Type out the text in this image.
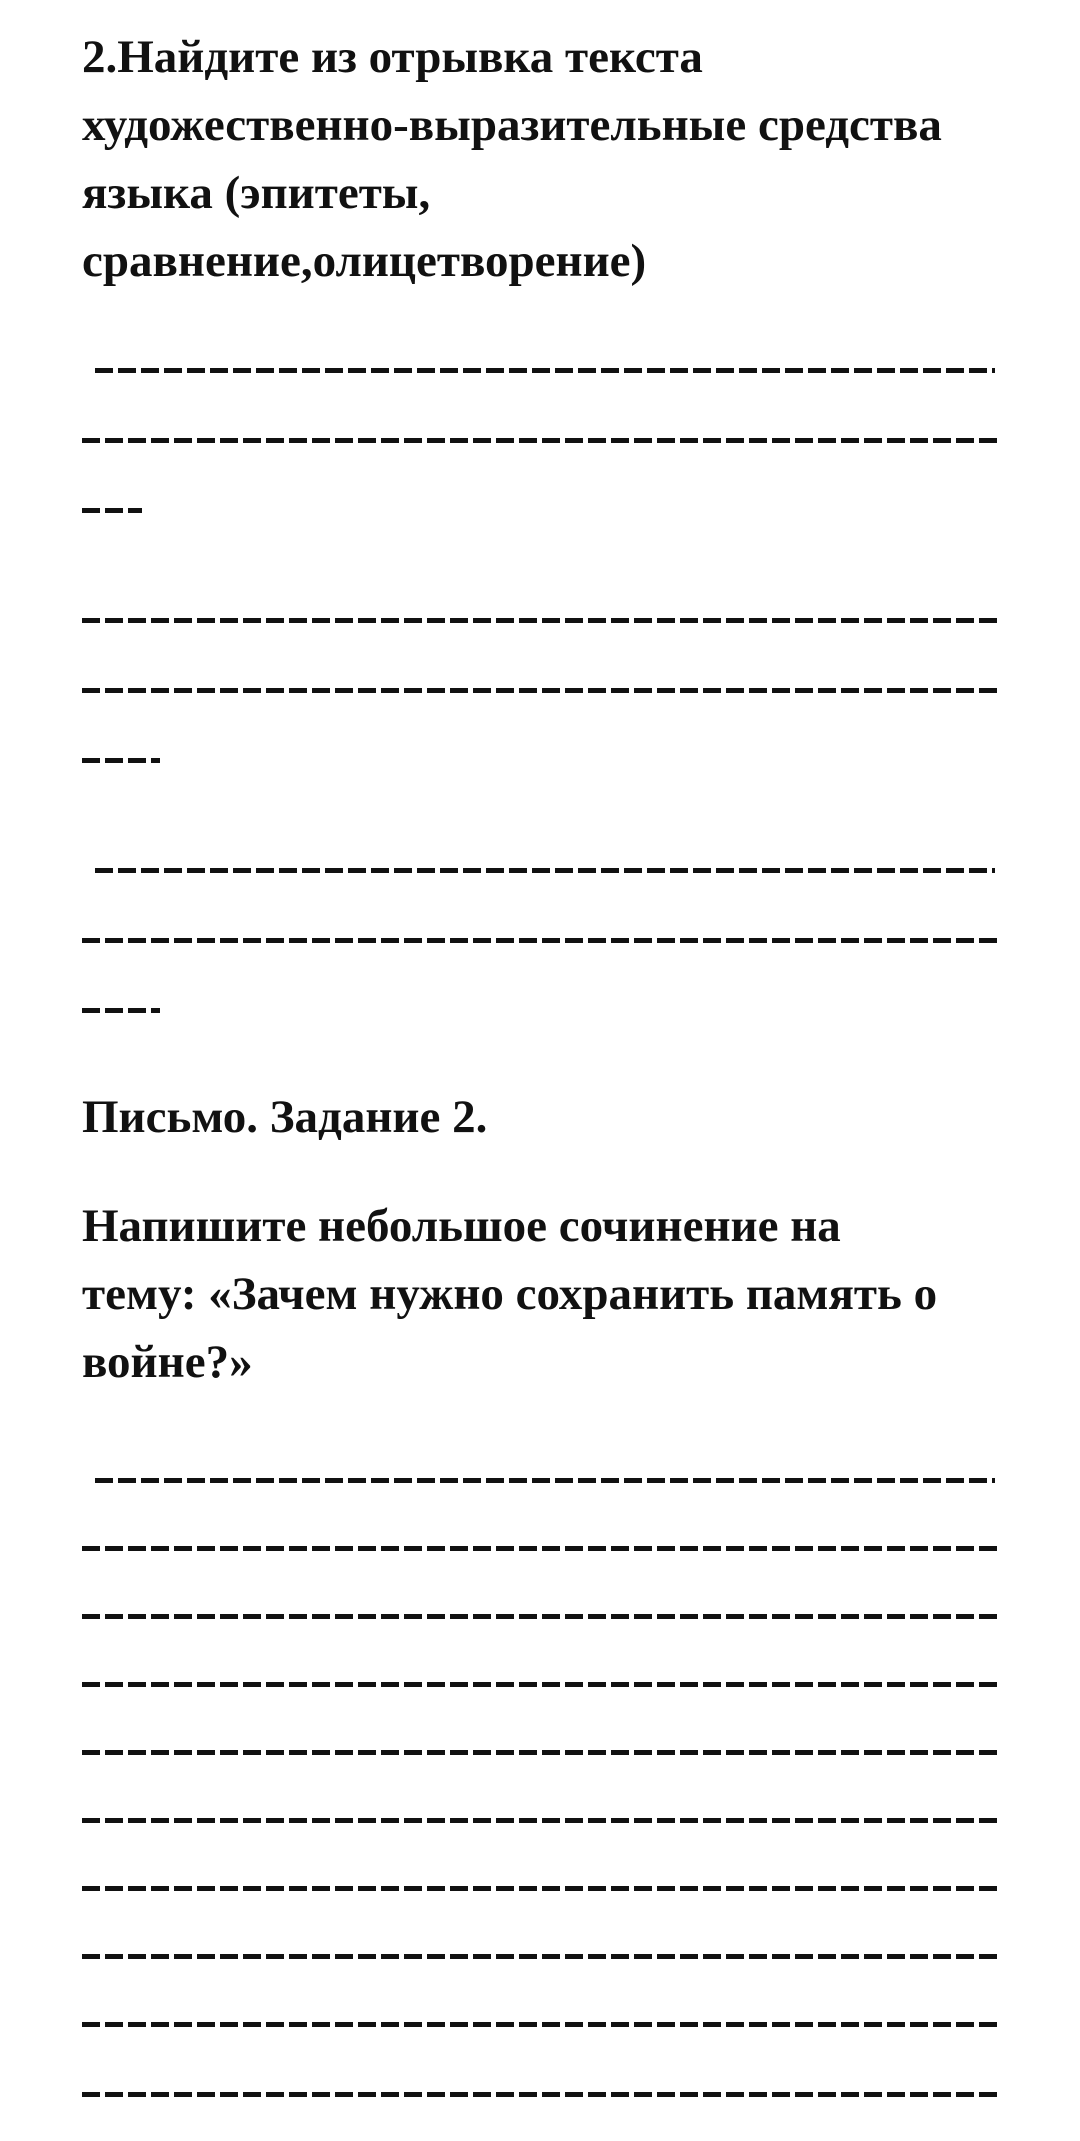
2.Найдите из отрывка текста

художественно-выразительные средства

языка (эпитеты,

сравнение,олицетворение)

Письмо. Задание 2.

Напишите небольшое сочинение на

тему: «Зачем нужно сохранить память о

войне?»
